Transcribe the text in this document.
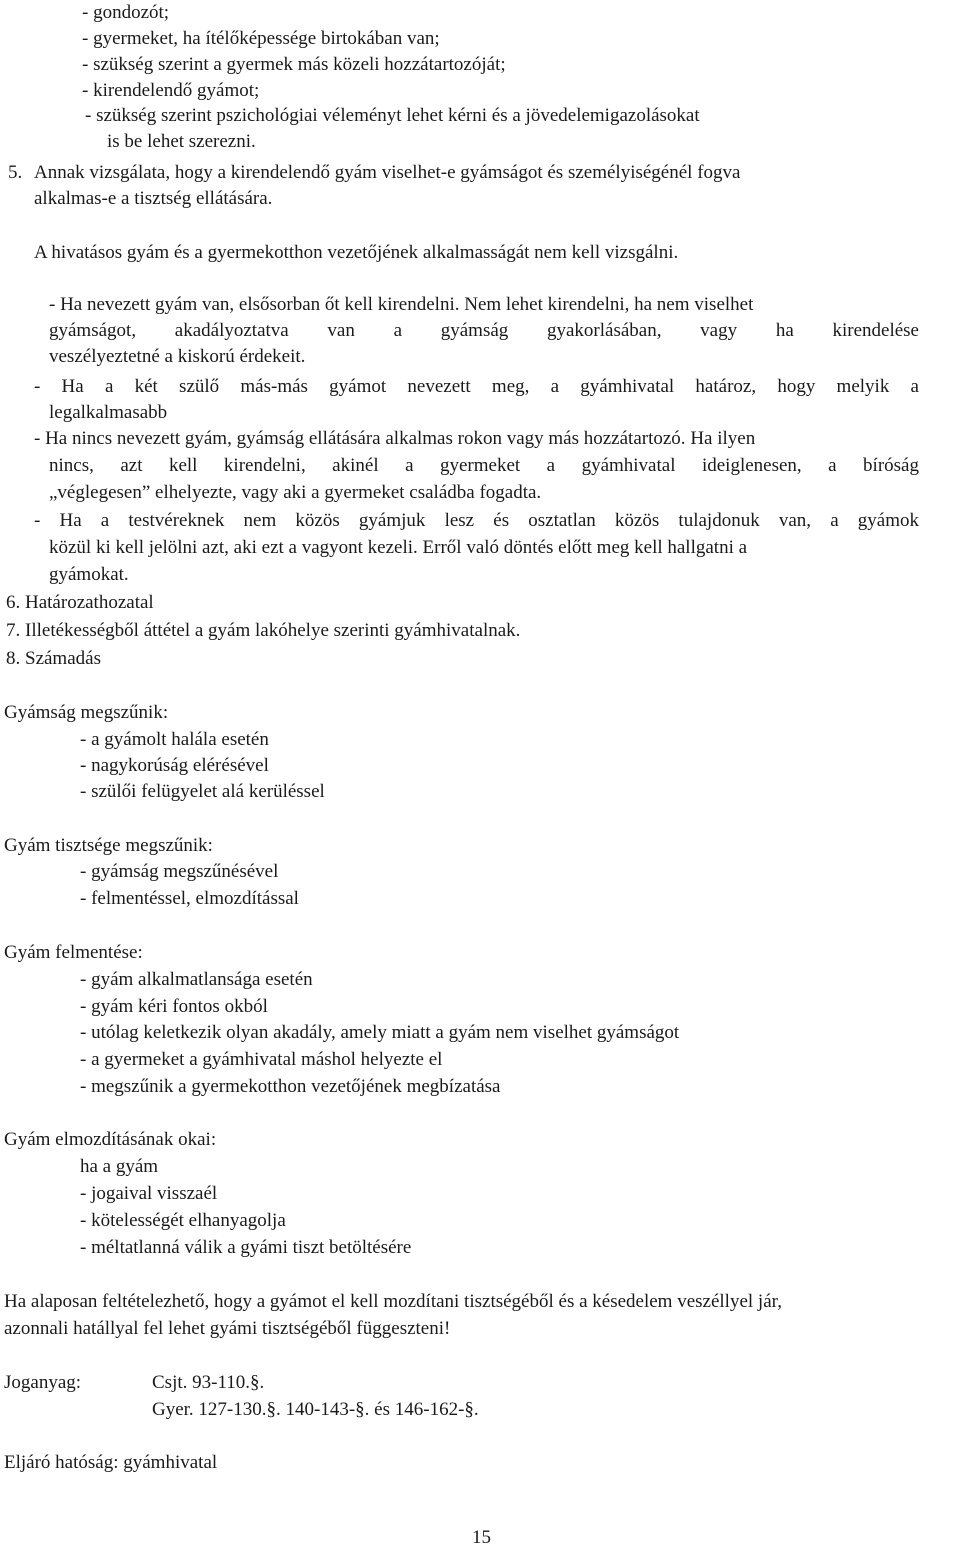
- gondozót;
- gyermeket, ha ítélőképessége birtokában van;
- szükség szerint a gyermek más közeli hozzátartozóját;
- kirendelendő gyámot;
- szükség szerint pszichológiai véleményt lehet kérni és a jövedelemigazolásokat
is be lehet szerezni.
5. Annak vizsgálata, hogy a kirendelendő gyám viselhet-e gyámságot és személyiségénél fogva
alkalmas-e a tisztség ellátására.
A hivatásos gyám és a gyermekotthon vezetőjének alkalmasságát nem kell vizsgálni.
- Ha nevezett gyám van, elsősorban őt kell kirendelni. Nem lehet kirendelni, ha nem viselhet
gyámságot, akadályoztatva van a gyámság gyakorlásában, vagy ha kirendelése
veszélyeztetné a kiskorú érdekeit.
- Ha a két szülő más-más gyámot nevezett meg, a gyámhivatal határoz, hogy melyik a
legalkalmasabb
- Ha nincs nevezett gyám, gyámság ellátására alkalmas rokon vagy más hozzátartozó. Ha ilyen
nincs, azt kell kirendelni, akinél a gyermeket a gyámhivatal ideiglenesen, a bíróság
„véglegesen” elhelyezte, vagy aki a gyermeket családba fogadta.
- Ha a testvéreknek nem közös gyámjuk lesz és osztatlan közös tulajdonuk van, a gyámok
közül ki kell jelölni azt, aki ezt a vagyont kezeli. Erről való döntés előtt meg kell hallgatni a
gyámokat.
6. Határozathozatal
7. Illetékességből áttétel a gyám lakóhelye szerinti gyámhivatalnak.
8. Számadás
Gyámság megszűnik:
- a gyámolt halála esetén
- nagykorúság elérésével
- szülői felügyelet alá kerüléssel
Gyám tisztsége megszűnik:
- gyámság megszűnésével
- felmentéssel, elmozdítással
Gyám felmentése:
- gyám alkalmatlansága esetén
- gyám kéri fontos okból
- utólag keletkezik olyan akadály, amely miatt a gyám nem viselhet gyámságot
- a gyermeket a gyámhivatal máshol helyezte el
- megszűnik a gyermekotthon vezetőjének megbízatása
Gyám elmozdításának okai:
ha a gyám
- jogaival visszaél
- kötelességét elhanyagolja
- méltatlanná válik a gyámi tiszt betöltésére
Ha alaposan feltételezhető, hogy a gyámot el kell mozdítani tisztségéből és a késedelem veszéllyel jár,
azonnali hatállyal fel lehet gyámi tisztségéből függeszteni!
Joganyag:	Csjt. 93-110.§.
Gyer. 127-130.§. 140-143-§. és 146-162-§.
Eljáró hatóság: gyámhivatal
15
